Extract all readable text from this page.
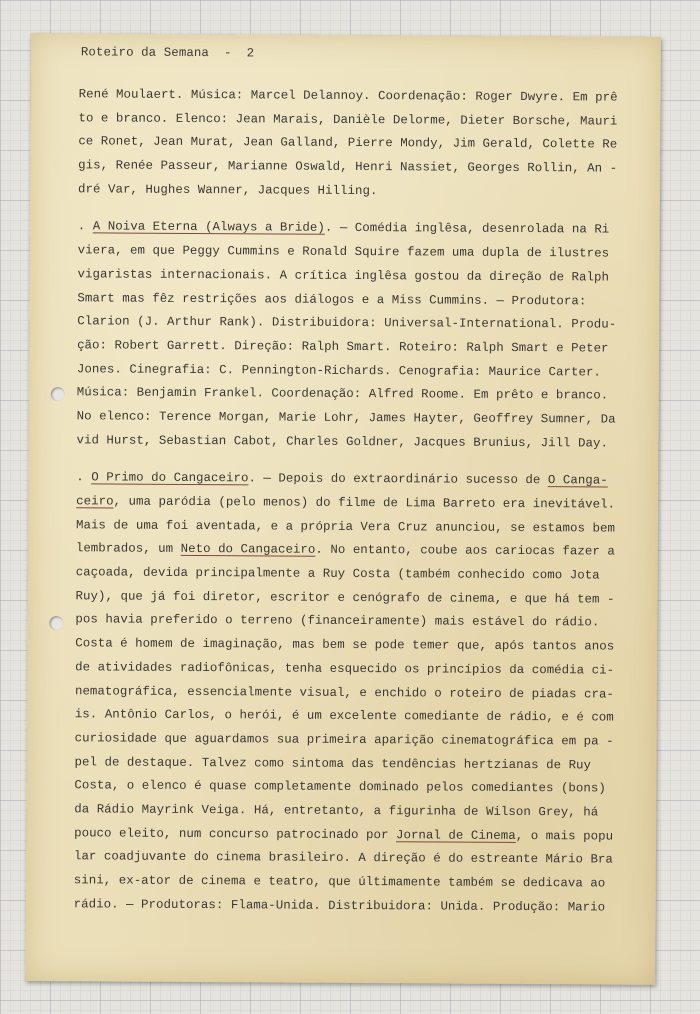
Roteiro da Semana  -  2
René Moulaert. Música: Marcel Delannoy. Coordenação: Roger Dwyre. Em prê
to e branco. Elenco: Jean Marais, Danièle Delorme, Dieter Borsche, Mauri
ce Ronet, Jean Murat, Jean Galland, Pierre Mondy, Jim Gerald, Colette Re
gis, Renée Passeur, Marianne Oswald, Henri Nassiet, Georges Rollin, An -
dré Var, Hughes Wanner, Jacques Hilling.
. A Noiva Eterna (Always a Bride). — Comédia inglêsa, desenrolada na Ri
viera, em que Peggy Cummins e Ronald Squire fazem uma dupla de ilustres
vigaristas internacionais. A crítica inglêsa gostou da direção de Ralph
Smart mas fêz restrições aos diálogos e a Miss Cummins. — Produtora:
Clarion (J. Arthur Rank). Distribuidora: Universal-International. Produ-
ção: Robert Garrett. Direção: Ralph Smart. Roteiro: Ralph Smart e Peter
Jones. Cinegrafia: C. Pennington-Richards. Cenografia: Maurice Carter.
Música: Benjamin Frankel. Coordenação: Alfred Roome. Em prêto e branco.
No elenco: Terence Morgan, Marie Lohr, James Hayter, Geoffrey Sumner, Da
vid Hurst, Sebastian Cabot, Charles Goldner, Jacques Brunius, Jill Day.
. O Primo do Cangaceiro. — Depois do extraordinário sucesso de O Canga-
ceiro, uma paródia (pelo menos) do filme de Lima Barreto era inevitável.
Mais de uma foi aventada, e a própria Vera Cruz anunciou, se estamos bem
lembrados, um Neto do Cangaceiro. No entanto, coube aos cariocas fazer a
caçoada, devida principalmente a Ruy Costa (também conhecido como Jota
Ruy), que já foi diretor, escritor e cenógrafo de cinema, e que há tem -
pos havia preferido o terreno (financeiramente) mais estável do rádio.
Costa é homem de imaginação, mas bem se pode temer que, após tantos anos
de atividades radiofônicas, tenha esquecido os princípios da comédia ci-
nematográfica, essencialmente visual, e enchido o roteiro de piadas cra-
is. Antônio Carlos, o herói, é um excelente comediante de rádio, e é com
curiosidade que aguardamos sua primeira aparição cinematográfica em pa -
pel de destaque. Talvez como sintoma das tendências hertzianas de Ruy
Costa, o elenco é quase completamente dominado pelos comediantes (bons)
da Rádio Mayrink Veiga. Há, entretanto, a figurinha de Wilson Grey, há
pouco eleito, num concurso patrocinado por Jornal de Cinema, o mais popu
lar coadjuvante do cinema brasileiro. A direção é do estreante Mário Bra
sini, ex-ator de cinema e teatro, que últimamente também se dedicava ao
rádio. — Produtoras: Flama-Unida. Distribuidora: Unida. Produção: Mario
